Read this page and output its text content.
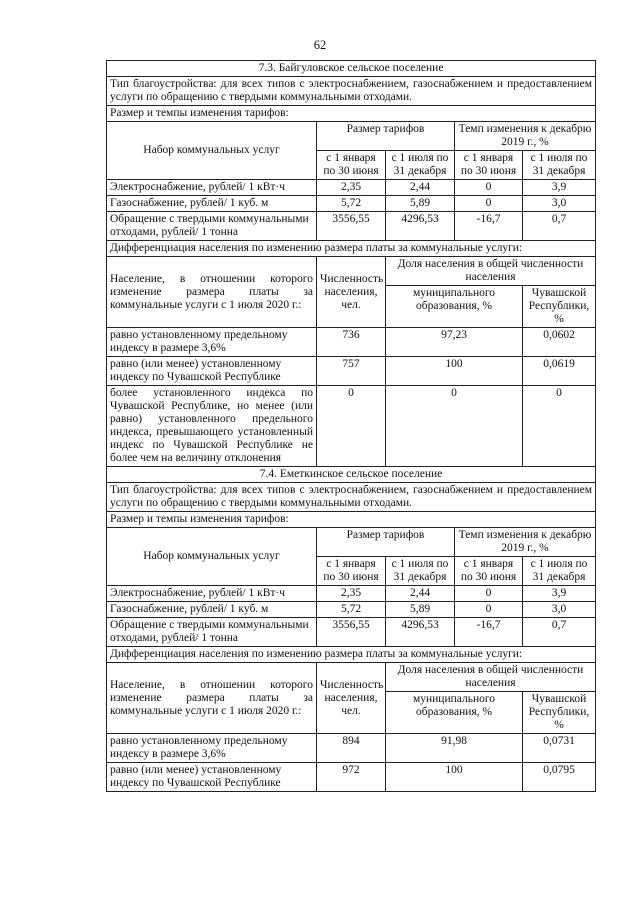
62
7.3. Байгуловское сельское поселение				
Тип благоустройства: для всех типов с электроснабжением, газоснабжением и предоставлением услуги по обращению с твердыми коммунальными отходами.				
Размер и темпы изменения тарифов:				
Набор коммунальных услуг	Размер тарифов		Темп изменения к декабрю 2019 г., %	
	с 1 января по 30 июня	с 1 июля по 31 декабря	с 1 января по 30 июня	с 1 июля по 31 декабря
Электроснабжение, рублей/ 1 кВт·ч	2,35	2,44	0	3,9
Газоснабжение, рублей/ 1 куб. м	5,72	5,89	0	3,0
Обращение с твердыми коммунальными отходами, рублей/ 1 тонна	3556,55	4296,53	-16,7	0,7
Дифференциация населения по изменению размера платы за коммунальные услуги:				
Население, в отношении которого изменение размера платы за коммунальные услуги с 1 июля 2020 г.:	Численность населения, чел.	Доля населения в общей численности населения		
		муниципального образования, %		Чувашской Республики, %
равно установленному предельному индексу в размере 3,6%	736	97,23		0,0602
равно (или менее) установленному индексу по Чувашской Республике	757	100		0,0619
более установленного индекса по Чувашской Республике, но менее (или равно) установленного предельного индекса, превышающего установленный индекс по Чувашской Республике не более чем на величину отклонения	0	0		0
7.4. Еметкинское сельское поселение				
Тип благоустройства: для всех типов с электроснабжением, газоснабжением и предоставлением услуги по обращению с твердыми коммунальными отходами.				
Размер и темпы изменения тарифов:				
Набор коммунальных услуг	Размер тарифов		Темп изменения к декабрю 2019 г., %	
	с 1 января по 30 июня	с 1 июля по 31 декабря	с 1 января по 30 июня	с 1 июля по 31 декабря
Электроснабжение, рублей/ 1 кВт·ч	2,35	2,44	0	3,9
Газоснабжение, рублей/ 1 куб. м	5,72	5,89	0	3,0
Обращение с твердыми коммунальными отходами, рублей/ 1 тонна	3556,55	4296,53	-16,7	0,7
Дифференциация населения по изменению размера платы за коммунальные услуги:				
Население, в отношении которого изменение размера платы за коммунальные услуги с 1 июля 2020 г.:	Численность населения, чел.	Доля населения в общей численности населения		
		муниципального образования, %		Чувашской Республики, %
равно установленному предельному индексу в размере 3,6%	894	91,98		0,0731
равно (или менее) установленному индексу по Чувашской Республике	972	100		0,0795
